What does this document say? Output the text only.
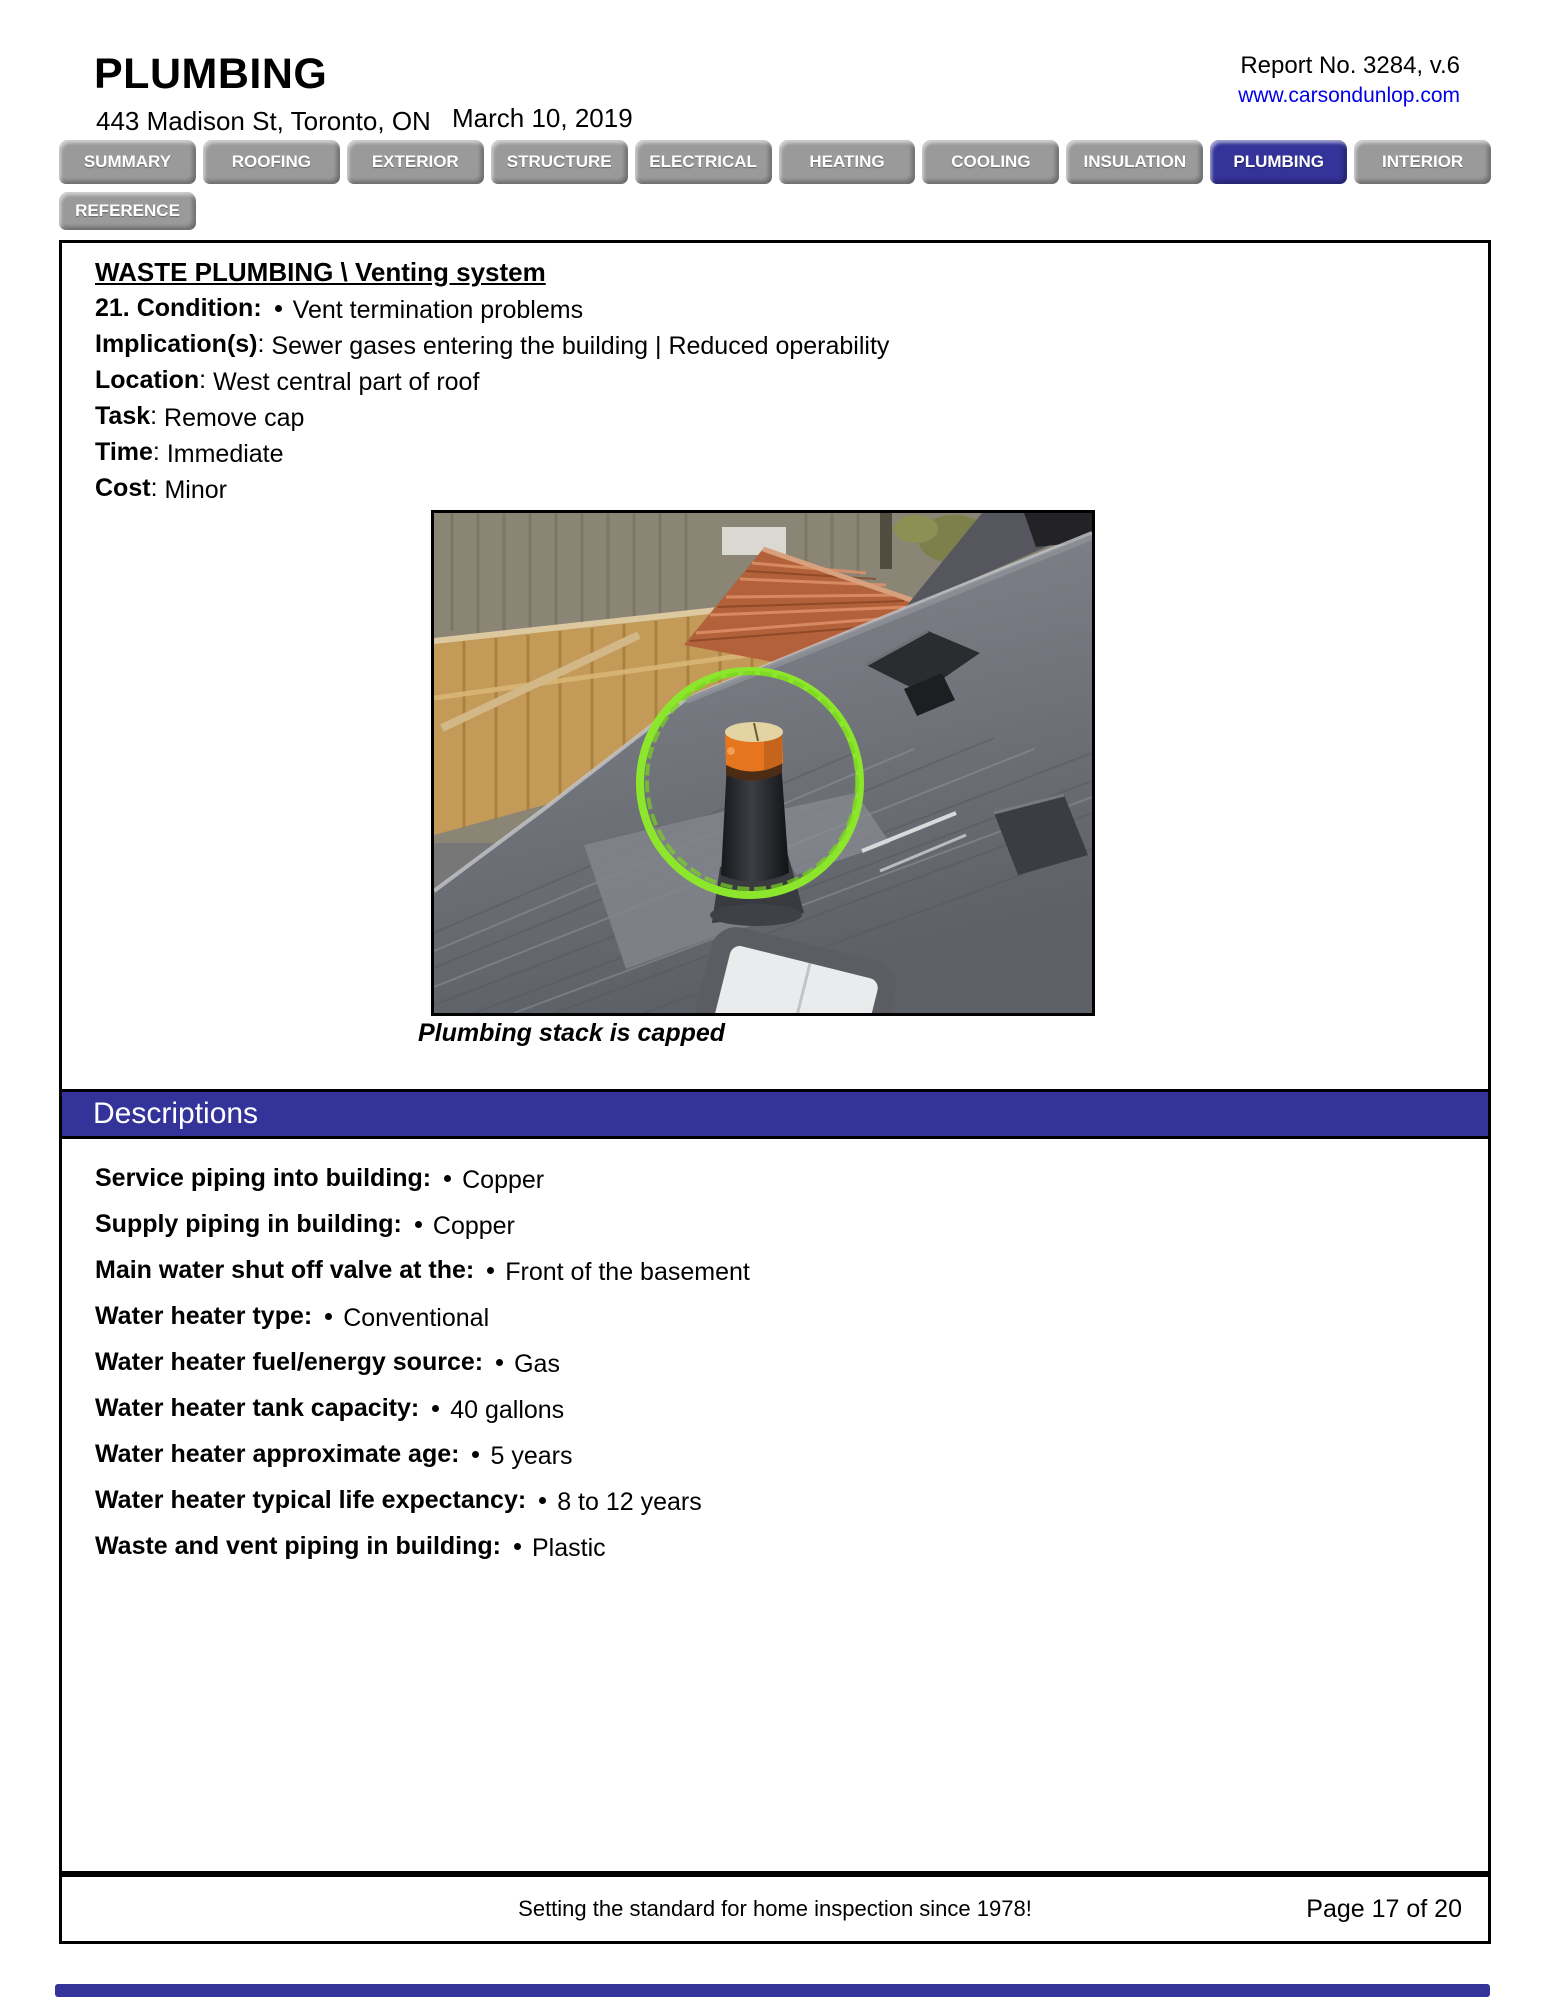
PLUMBING
443 Madison St, Toronto, ON March 10, 2019
Report No. 3284, v.6
www.carsondunlop.com
SUMMARY	ROOFING	EXTERIOR	STRUCTURE	ELECTRICAL	HEATING	COOLING	INSULATION	PLUMBING	INTERIOR
REFERENCE
WASTE PLUMBING \ Venting system
21. Condition: Vent termination problems
Implication(s): Sewer gases entering the building | Reduced operability
Location: West central part of roof
Task: Remove cap
Time: Immediate
Cost: Minor
Plumbing stack is capped
Descriptions
Service piping into building: Copper
Supply piping in building: Copper
Main water shut off valve at the: Front of the basement
Water heater type: Conventional
Water heater fuel/energy source: Gas
Water heater tank capacity: 40 gallons
Water heater approximate age: 5 years
Water heater typical life expectancy: 8 to 12 years
Waste and vent piping in building: Plastic
Setting the standard for home inspection since 1978!	Page 17 of 20
